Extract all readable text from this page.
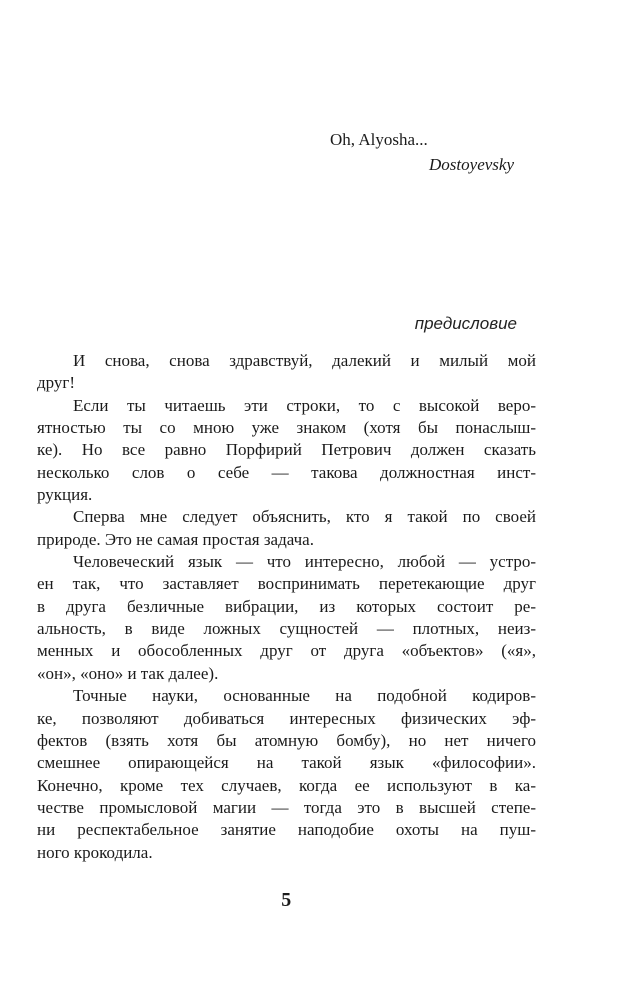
Oh, Alyosha...
Dostoyevsky
предисловие
И снова, снова здравствуй, далекий и милый мой
друг!
Если ты читаешь эти строки, то с высокой веро-
ятностью ты со мною уже знаком (хотя бы понаслыш-
ке). Но все равно Порфирий Петрович должен сказать
несколько слов о себе — такова должностная инст-
рукция.
Сперва мне следует объяснить, кто я такой по своей
природе. Это не самая простая задача.
Человеческий язык — что интересно, любой — устро-
ен так, что заставляет воспринимать перетекающие друг
в друга безличные вибрации, из которых состоит ре-
альность, в виде ложных сущностей — плотных, неиз-
менных и обособленных друг от друга «объектов» («я»,
«он», «оно» и так далее).
Точные науки, основанные на подобной кодиров-
ке, позволяют добиваться интересных физических эф-
фектов (взять хотя бы атомную бомбу), но нет ничего
смешнее опирающейся на такой язык «философии».
Конечно, кроме тех случаев, когда ее используют в ка-
честве промысловой магии — тогда это в высшей степе-
ни респектабельное занятие наподобие охоты на пуш-
ного крокодила.
5
